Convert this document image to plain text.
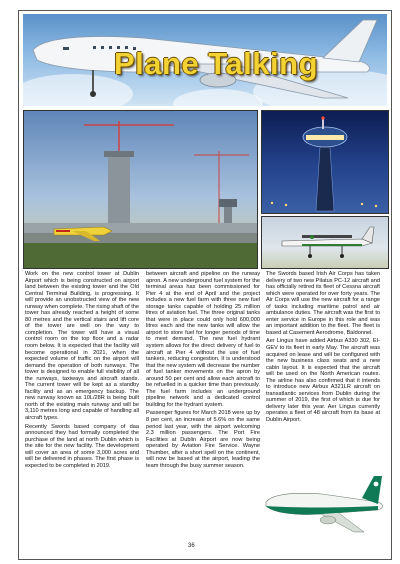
Plane Talking

Work on the new control tower at Dublin Airport which is being constructed on airport land between the existing tower and the Old Central Terminal Building, is progressing. It will provide an unobstructed view of the new runway when complete. The rising shaft of the tower has already reached a height of some 80 metres and the vertical stairs and lift core of the tower are well on the way to completion. The tower will have a visual control room on the top floor and a radar room below. It is expected that the facility will become operational in 2021, when the expected volume of traffic on the airport will demand the operation of both runways. The tower is designed to enable full visibility of all the runways, taxiways and aircraft stands. The current tower will be kept as a standby facility and as an emergency backup. The new runway known as 10L/28R is being built north of the existing main runway and will be 3,110 metres long and capable of handling all aircraft types.

Recently Swords based company of daa announced they had formally completed the purchase of the land at north Dublin which is the site for the new facility. The development will cover an area of some 3,000 acres and will be delivered in phases. The first phase is expected to be completed in 2019.

between aircraft and pipeline on the runway apron. A new underground fuel system for the terminal areas has been commissioned for Pier 4 at the end of April and the project includes a new fuel farm with three new fuel storage tanks capable of holding 25 million litres of aviation fuel. The three original tanks that were in place could only hold 600,000 litres each and the new tanks will allow the airport to store fuel for longer periods of time to meet demand. The new fuel hydrant system allows for the direct delivery of fuel to aircraft at Pier 4 without the use of fuel tankers, reducing congestion. It is understood that the new system will decrease the number of fuel tanker movements on the apron by around 50 per cent and allow each aircraft to be refuelled in a quicker time than previously. The fuel farm includes an underground pipeline network and a dedicated control building for the hydrant system.

Passenger figures for March 2018 were up by 8 per cent, an increase of 5.6% on the same period last year, with the airport welcoming 2.3 million passengers. The Port Fire Facilities at Dublin Airport are now being operated by Aviation Fire Service. Wayne Thumber, after a short spell on the continent, will now be based at the airport, leading the team through the busy summer season.

The Swords based Irish Air Corps has taken delivery of two new Pilatus PC-12 aircraft and has officially retired its fleet of Cessna aircraft which were operated for over forty years. The Air Corps will use the new aircraft for a range of tasks including maritime patrol and air ambulance duties. The aircraft was the first to enter service in Europe in this role and was an important addition to the fleet. The fleet is based at Casement Aerodrome, Baldonnel.

Aer Lingus have added Airbus A330 302, EI-GEV to its fleet in early May. The aircraft was acquired on lease and will be configured with the new business class seats and a new cabin layout. It is expected that the aircraft will be used on the North American routes. The airline has also confirmed that it intends to introduce new Airbus A321LR aircraft on transatlantic services from Dublin during the summer of 2019, the first of which is due for delivery later this year. Aer Lingus currently operates a fleet of 48 aircraft from its base at Dublin Airport.

36
